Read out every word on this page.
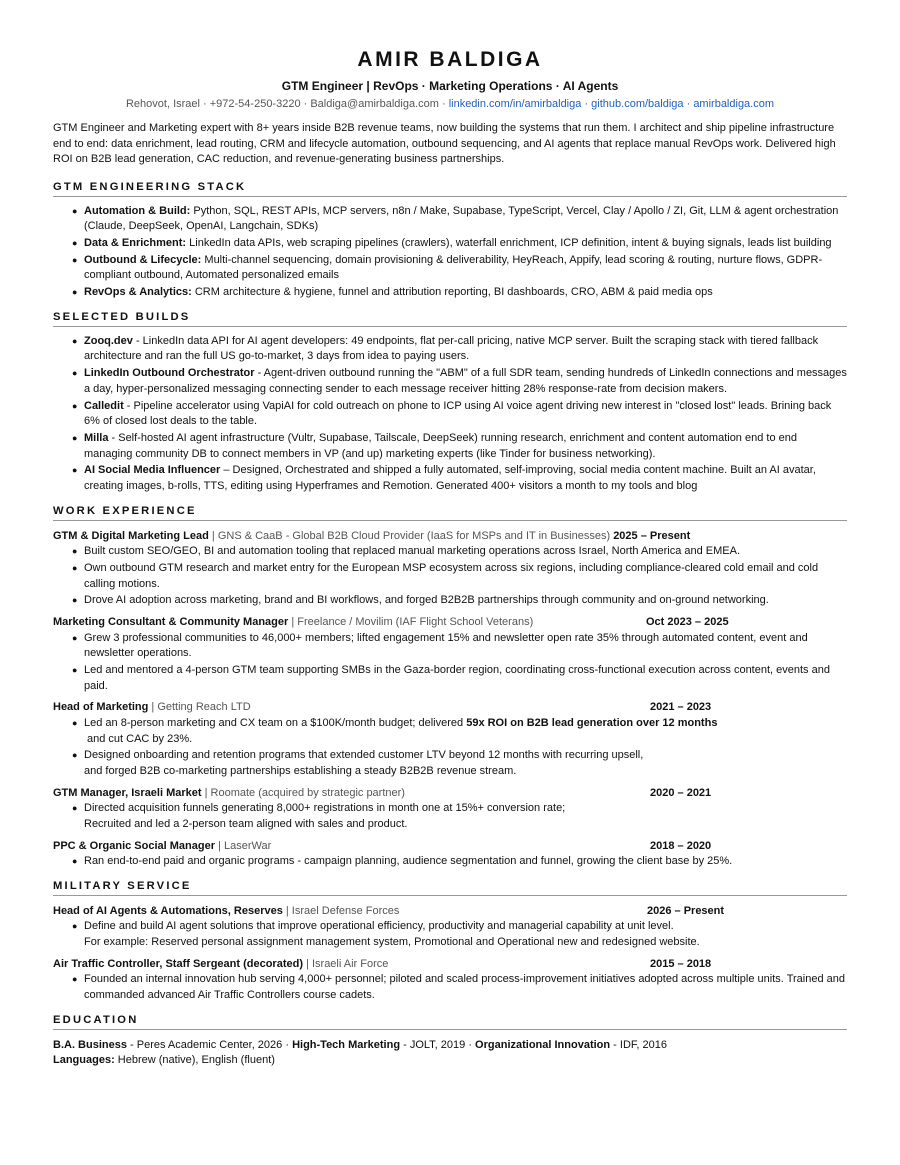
AMIR BALDIGA
GTM Engineer | RevOps · Marketing Operations · AI Agents
Rehovot, Israel · +972-54-250-3220 · Baldiga@amirbaldiga.com · linkedin.com/in/amirbaldiga · github.com/baldiga · amirbaldiga.com
GTM Engineer and Marketing expert with 8+ years inside B2B revenue teams, now building the systems that run them. I architect and ship pipeline infrastructure end to end: data enrichment, lead routing, CRM and lifecycle automation, outbound sequencing, and AI agents that replace manual RevOps work. Delivered high ROI on B2B lead generation, CAC reduction, and revenue-generating business partnerships.
GTM ENGINEERING STACK
● Automation & Build: Python, SQL, REST APIs, MCP servers, n8n / Make, Supabase, TypeScript, Vercel, Clay / Apollo / ZI, Git, LLM & agent orchestration (Claude, DeepSeek, OpenAI, Langchain, SDKs)
● Data & Enrichment: LinkedIn data APIs, web scraping pipelines (crawlers), waterfall enrichment, ICP definition, intent & buying signals, leads list building
● Outbound & Lifecycle: Multi-channel sequencing, domain provisioning & deliverability, HeyReach, Appify, lead scoring & routing, nurture flows, GDPR-compliant outbound, Automated personalized emails
● RevOps & Analytics: CRM architecture & hygiene, funnel and attribution reporting, BI dashboards, CRO, ABM & paid media ops
SELECTED BUILDS
● Zooq.dev - LinkedIn data API for AI agent developers: 49 endpoints, flat per-call pricing, native MCP server. Built the scraping stack with tiered fallback architecture and ran the full US go-to-market, 3 days from idea to paying users.
● LinkedIn Outbound Orchestrator - Agent-driven outbound running the "ABM" of a full SDR team, sending hundreds of LinkedIn connections and messages a day, hyper-personalized messaging connecting sender to each message receiver hitting 28% response-rate from decision makers.
● Calledit - Pipeline accelerator using VapiAI for cold outreach on phone to ICP using AI voice agent driving new interest in "closed lost" leads. Brining back 6% of closed lost deals to the table.
● Milla - Self-hosted AI agent infrastructure (Vultr, Supabase, Tailscale, DeepSeek) running research, enrichment and content automation end to end managing community DB to connect members in VP (and up) marketing experts (like Tinder for business networking).
● AI Social Media Influencer – Designed, Orchestrated and shipped a fully automated, self-improving, social media content machine. Built an AI avatar, creating images, b-rolls, TTS, editing using Hyperframes and Remotion. Generated 400+ visitors a month to my tools and blog
WORK EXPERIENCE
GTM & Digital Marketing Lead | GNS & CaaB - Global B2B Cloud Provider (IaaS for MSPs and IT in Businesses) 2025 – Present
● Built custom SEO/GEO, BI and automation tooling that replaced manual marketing operations across Israel, North America and EMEA.
● Own outbound GTM research and market entry for the European MSP ecosystem across six regions, including compliance-cleared cold email and cold calling motions.
● Drove AI adoption across marketing, brand and BI workflows, and forged B2B2B partnerships through community and on-ground networking.
Marketing Consultant & Community Manager | Freelance / Movilim (IAF Flight School Veterans)	Oct 2023 – 2025
● Grew 3 professional communities to 46,000+ members; lifted engagement 15% and newsletter open rate 35% through automated content, event and newsletter operations.
● Led and mentored a 4-person GTM team supporting SMBs in the Gaza-border region, coordinating cross-functional execution across content, events and paid.
Head of Marketing | Getting Reach LTD	2021 – 2023
● Led an 8-person marketing and CX team on a $100K/month budget; delivered 59x ROI on B2B lead generation over 12 months
and cut CAC by 23%.
● Designed onboarding and retention programs that extended customer LTV beyond 12 months with recurring upsell,
and forged B2B co-marketing partnerships establishing a steady B2B2B revenue stream.
GTM Manager, Israeli Market | Roomate (acquired by strategic partner)	2020 – 2021
● Directed acquisition funnels generating 8,000+ registrations in month one at 15%+ conversion rate;
Recruited and led a 2-person team aligned with sales and product.
PPC & Organic Social Manager | LaserWar	2018 – 2020
● Ran end-to-end paid and organic programs - campaign planning, audience segmentation and funnel, growing the client base by 25%.
MILITARY SERVICE
Head of AI Agents & Automations, Reserves | Israel Defense Forces	2026 – Present
● Define and build AI agent solutions that improve operational efficiency, productivity and managerial capability at unit level.
For example: Reserved personal assignment management system, Promotional and Operational new and redesigned website.
Air Traffic Controller, Staff Sergeant (decorated) | Israeli Air Force	2015 – 2018
● Founded an internal innovation hub serving 4,000+ personnel; piloted and scaled process-improvement initiatives adopted across multiple units. Trained and commanded advanced Air Traffic Controllers course cadets.
EDUCATION
B.A. Business - Peres Academic Center, 2026 · High-Tech Marketing - JOLT, 2019 · Organizational Innovation - IDF, 2016
Languages: Hebrew (native), English (fluent)
